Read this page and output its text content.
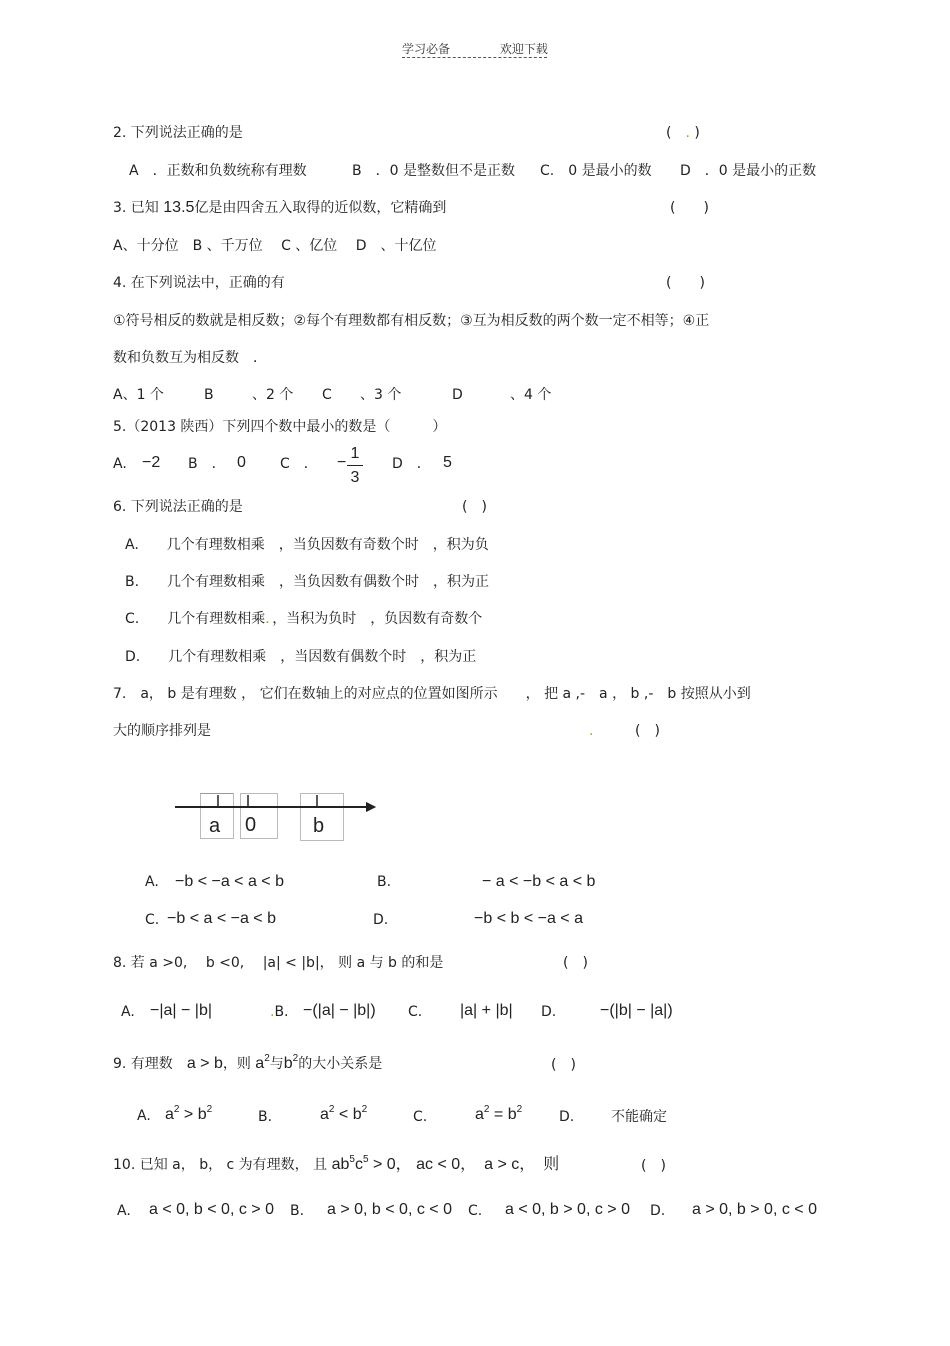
学习必备	欢迎下载
2. 下列说法正确的是	(　 . )
A　．正数和负数统称有理数	B　．0 是整数但不是正数 C.　0 是最小的数 D　．0 是最小的正数
3. 已知 13.5亿是由四舍五入取得的近似数，它精确到	(　　)
A、十分位　B 、千万位　 C 、亿位　 D　、十亿位
4. 在下列说法中，正确的有	(　　)
①符号相反的数就是相反数；②每个有理数都有相反数；③互为相反数的两个数一定不相等；④正
数和负数互为相反数　．
A、1 个	B	、2 个 C 、3 个	D	、4 个
5.（2013 陕西）下列四个数中最小的数是（　　　）
A. −2 B　． 0 C　． −
1
3
D　． 5
6. 下列说法正确的是	(　)
A.　　几个有理数相乘　，当负因数有奇数个时　，积为负
B.　　几个有理数相乘　，当负因数有偶数个时　，积为正
C.　　几个有理数相乘．，当积为负时　，负因数有奇数个
D.　　几个有理数相乘　，当因数有偶数个时　，积为正
7.　a， b 是有理数 ， 它们在数轴上的对应点的位置如图所示　　， 把 a ,-　a ， b ,-　b 按照从小到
大的顺序排列是	.	(　)
a 0	b
A. −b < −a < a < b	B.	− a < −b < a < b
C. −b < a < −a < b	D.	−b < b < −a < a
8. 若 a >0,　 b <0,　 |a| < |b|， 则 a 与 b 的和是	(　)
A. −|a| − |b|	.B. −(|a| − |b|) C. |a| + |b| D.	−(|b| − |a|)
9. 有理数　 a > b，则 $a^2$与$b^2$的大小关系是	(　)
A. $a^2 > b^2$	B.	$a^2 < b^2$	C.	$a^2 = b^2$	D.	不能确定
10. 已知 a， b， c 为有理数， 且 $ab^5c^5 > 0$， ac < 0，　a > c，　则	(　)
A. a < 0, b < 0, c > 0 B. a > 0, b < 0, c < 0 C. a < 0, b > 0, c > 0 D. a > 0, b > 0, c < 0
